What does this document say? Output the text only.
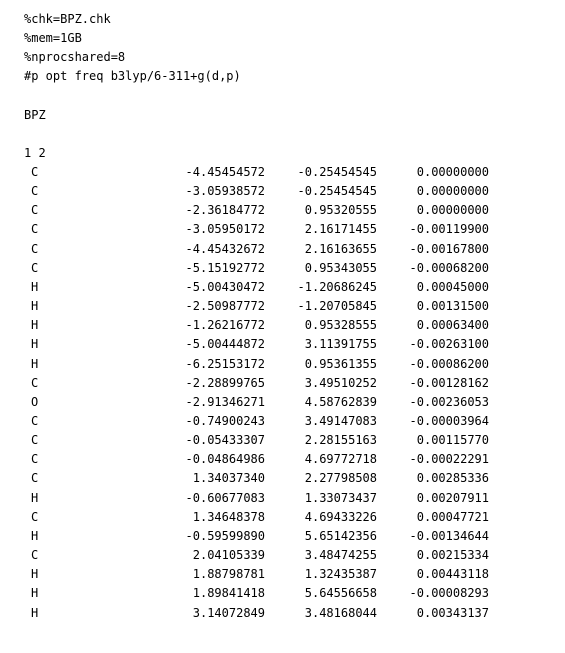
%chk=BPZ.chk
%mem=1GB
%nprocshared=8
#p opt freq b3lyp/6-311+g(d,p)
BPZ
1 2
C	-4.45454572	-0.25454545	0.00000000
C	-3.05938572	-0.25454545	0.00000000
C	-2.36184772	0.95320555	0.00000000
C	-3.05950172	2.16171455	-0.00119900
C	-4.45432672	2.16163655	-0.00167800
C	-5.15192772	0.95343055	-0.00068200
H	-5.00430472	-1.20686245	0.00045000
H	-2.50987772	-1.20705845	0.00131500
H	-1.26216772	0.95328555	0.00063400
H	-5.00444872	3.11391755	-0.00263100
H	-6.25153172	0.95361355	-0.00086200
C	-2.28899765	3.49510252	-0.00128162
O	-2.91346271	4.58762839	-0.00236053
C	-0.74900243	3.49147083	-0.00003964
C	-0.05433307	2.28155163	0.00115770
C	-0.04864986	4.69772718	-0.00022291
C	1.34037340	2.27798508	0.00285336
H	-0.60677083	1.33073437	0.00207911
C	1.34648378	4.69433226	0.00047721
H	-0.59599890	5.65142356	-0.00134644
C	2.04105339	3.48474255	0.00215334
H	1.88798781	1.32435387	0.00443118
H	1.89841418	5.64556658	-0.00008293
H	3.14072849	3.48168044	0.00343137
